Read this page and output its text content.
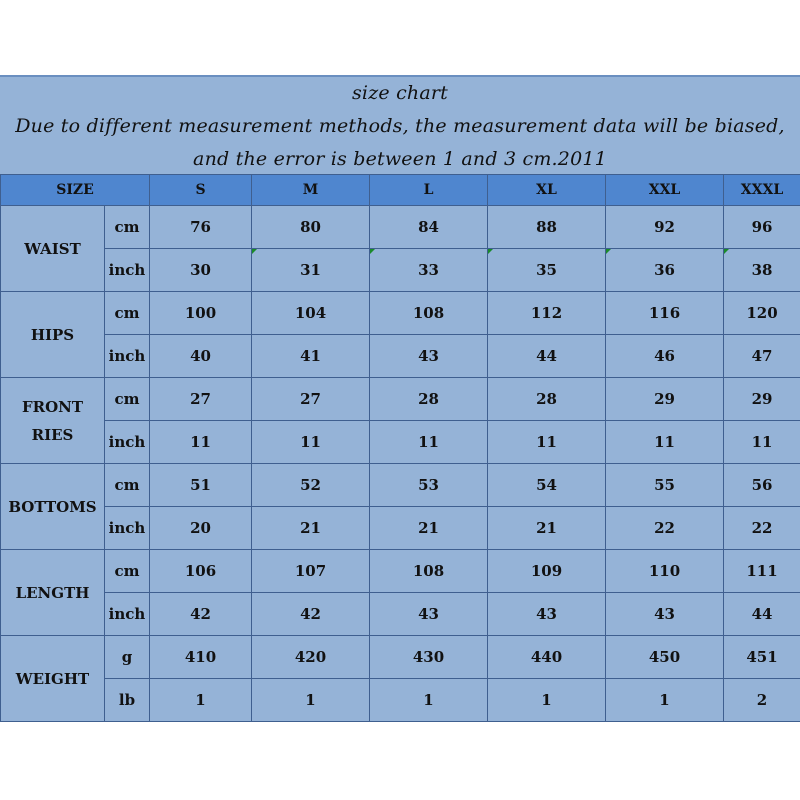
size chart
Due to different measurement methods, the measurement data will be biased,
and the error is between 1 and 3 cm.2011
SIZE		S	M	L	XL	XXL	XXXL

WAIST	cm	76	80	84	88	92	96
	inch	30	31	33	35	36	38

HIPS	cm	100	104	108	112	116	120
	inch	40	41	43	44	46	47

FRONT
RIES	cm	27	27	28	28	29	29
	inch	11	11	11	11	11	11

BOTTOMS	cm	51	52	53	54	55	56
	inch	20	21	21	21	22	22

LENGTH	cm	106	107	108	109	110	111
	inch	42	42	43	43	43	44

WEIGHT	g	410	420	430	440	450	451
	lb	1	1	1	1	1	2
